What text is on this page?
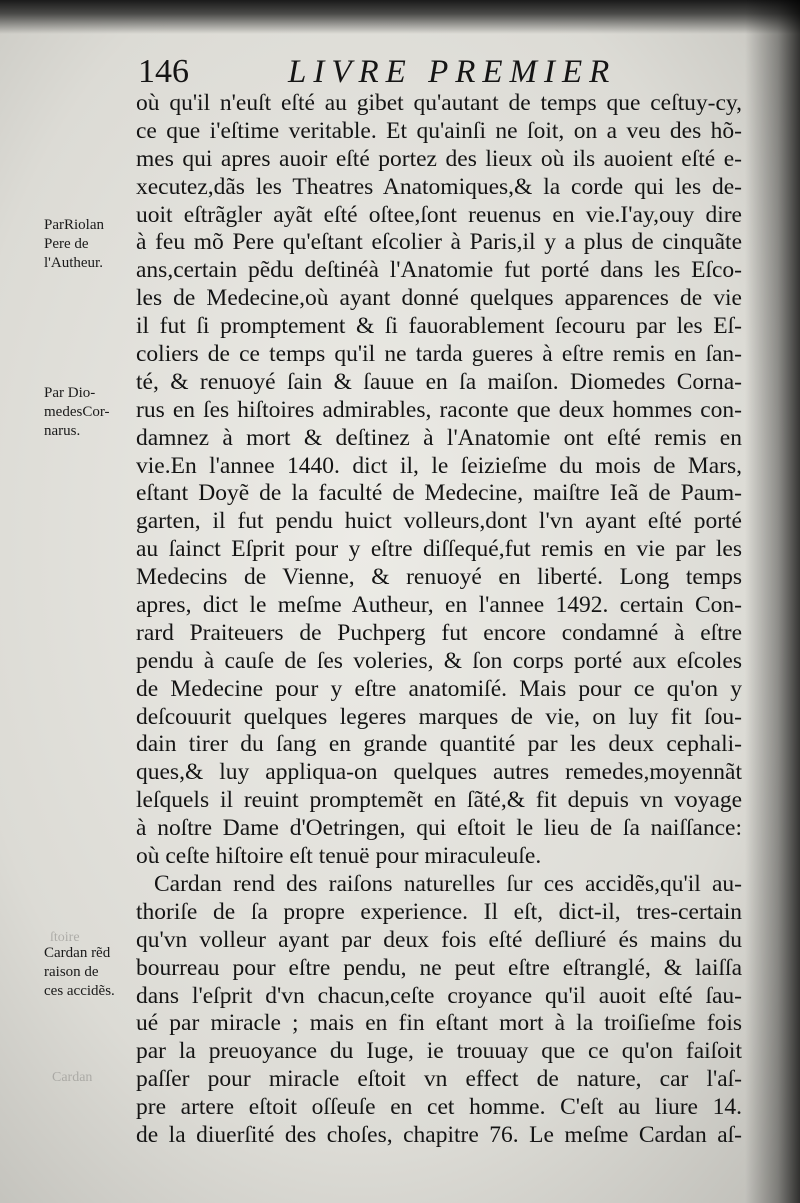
146	LIVRE PREMIER
ParRiolan
Pere de
l'Autheur.
Par Dio-
medesCor-
narus.
Cardan rẽd
raison de
ces accidẽs.
ſtoire
Cardan
où qu'il n'euſt eſté au gibet qu'autant de temps que ceſtuy-cy,
ce que i'eſtime veritable. Et qu'ainſi ne ſoit, on a veu des hõ-
mes qui apres auoir eſté portez des lieux où ils auoient eſté e-
xecutez,dãs les Theatres Anatomiques,& la corde qui les de-
uoit eſtrãgler ayãt eſté oſtee,ſont reuenus en vie.I'ay,ouy dire
à feu mõ Pere qu'eſtant eſcolier à Paris,il y a plus de cinquãte
ans,certain pẽdu deſtinéà l'Anatomie fut porté dans les Eſco-
les de Medecine,où ayant donné quelques apparences de vie
il fut ſi promptement & ſi fauorablement ſecouru par les Eſ-
coliers de ce temps qu'il ne tarda gueres à eſtre remis en ſan-
té, & renuoyé ſain & ſauue en ſa maiſon. Diomedes Corna-
rus en ſes hiſtoires admirables, raconte que deux hommes con-
damnez à mort & deſtinez à l'Anatomie ont eſté remis en
vie.En l'annee 1440. dict il, le ſeizieſme du mois de Mars,
eſtant Doyẽ de la faculté de Medecine, maiſtre Ieã de Paum-
garten, il fut pendu huict volleurs,dont l'vn ayant eſté porté
au ſainct Eſprit pour y eſtre diſſequé,fut remis en vie par les
Medecins de Vienne, & renuoyé en liberté. Long temps
apres, dict le meſme Autheur, en l'annee 1492. certain Con-
rard Praiteuers de Puchperg fut encore condamné à eſtre
pendu à cauſe de ſes voleries, & ſon corps porté aux eſcoles
de Medecine pour y eſtre anatomiſé. Mais pour ce qu'on y
deſcouurit quelques legeres marques de vie, on luy fit ſou-
dain tirer du ſang en grande quantité par les deux cephali-
ques,& luy appliqua-on quelques autres remedes,moyennãt
leſquels il reuint promptemẽt en ſãté,& fit depuis vn voyage
à noſtre Dame d'Oetringen, qui eſtoit le lieu de ſa naiſſance:
où ceſte hiſtoire eſt tenuë pour miraculeuſe.
Cardan rend des raiſons naturelles ſur ces accidẽs,qu'il au-
thoriſe de ſa propre experience. Il eſt, dict-il, tres-certain
qu'vn volleur ayant par deux fois eſté deſliuré és mains du
bourreau pour eſtre pendu, ne peut eſtre eſtranglé, & laiſſa
dans l'eſprit d'vn chacun,ceſte croyance qu'il auoit eſté ſau-
ué par miracle ; mais en fin eſtant mort à la troiſieſme fois
par la preuoyance du Iuge, ie trouuay que ce qu'on faiſoit
paſſer pour miracle eſtoit vn effect de nature, car l'aſ-
pre artere eſtoit oſſeuſe en cet homme. C'eſt au liure 14.
de la diuerſité des choſes, chapitre 76. Le meſme Cardan aſ-
